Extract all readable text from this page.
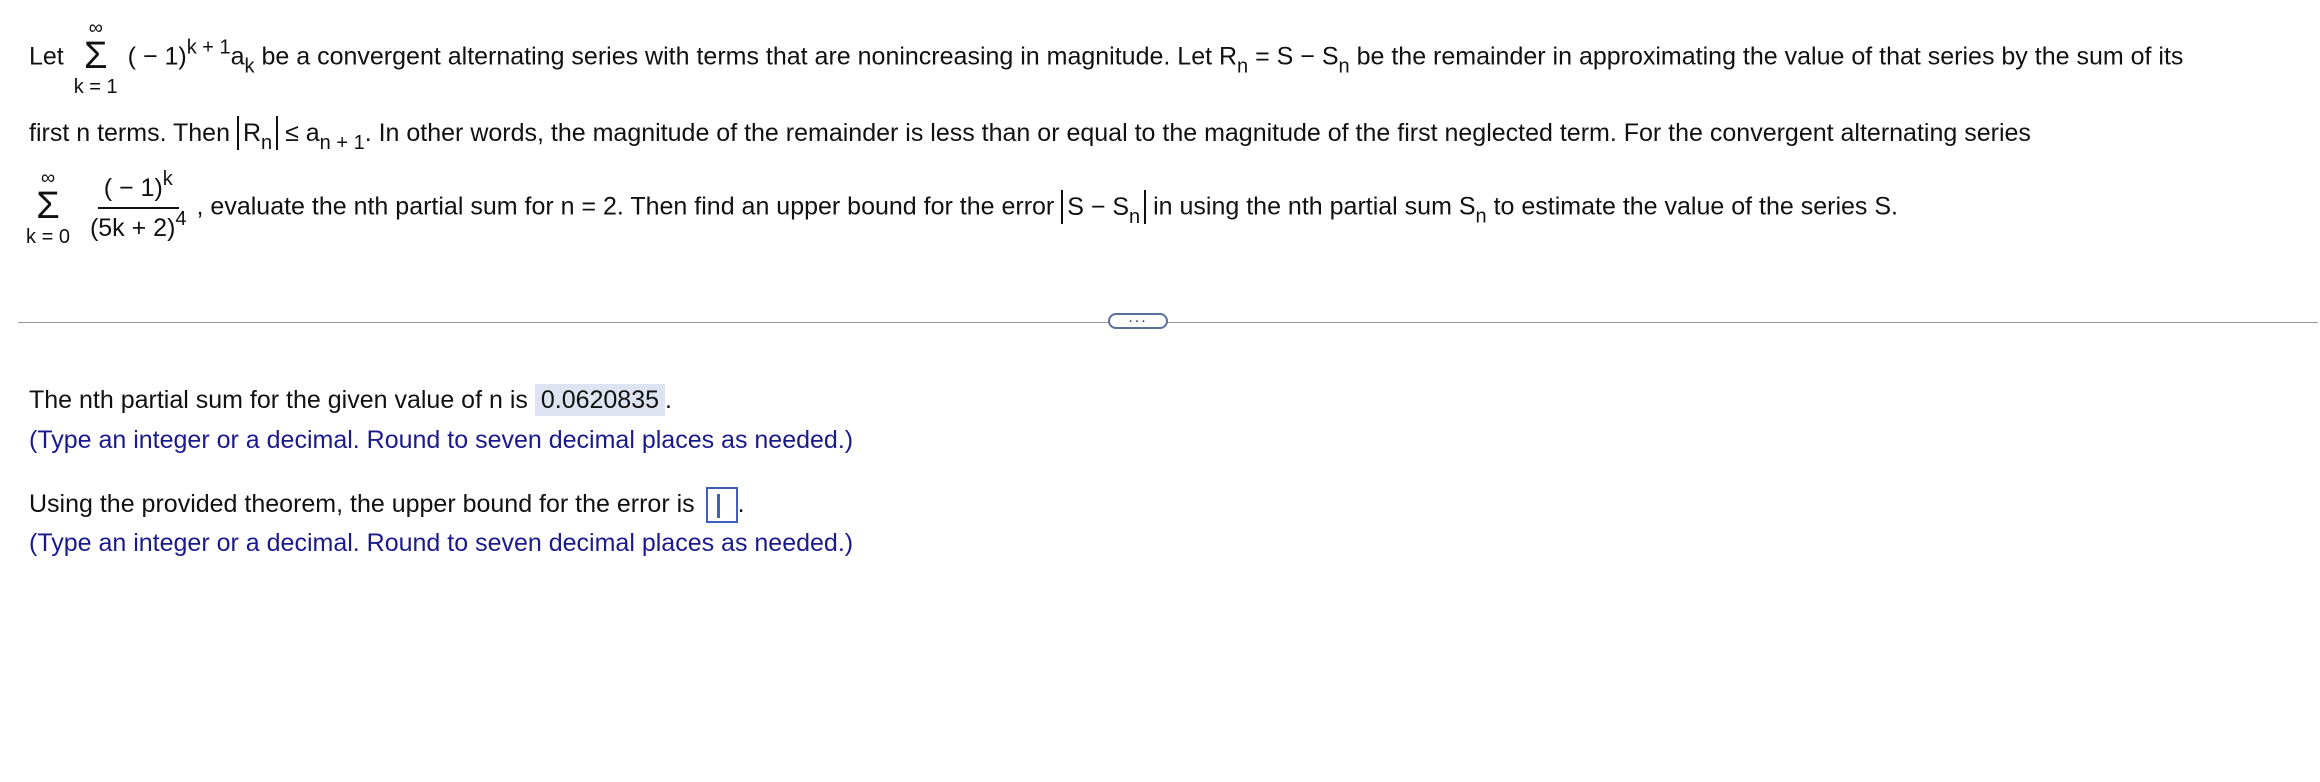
Let
∞
Σ
k = 1
( − $1)^{k + 1}a_k$ be a convergent alternating series with terms that are nonincreasing in magnitude. Let $R_n = S - S_n$ be the remainder in approximating the value of that series by the sum of its
first n terms. Then $R_n \le a_{n + 1}$. In other words, the magnitude of the remainder is less than or equal to the magnitude of the first neglected term. For the convergent alternating series
∞
Σ
k = 0
$\frac{( - 1)^k}{(5k + 2)^4}$ , evaluate the nth partial sum for n = 2. Then find an upper bound for the error $S - S_n$ in using the nth partial sum $S_n$ to estimate the value of the series S.
...
The nth partial sum for the given value of n is 0.0620835 .
(Type an integer or a decimal. Round to seven decimal places as needed.)
Using the provided theorem, the upper bound for the error is .
(Type an integer or a decimal. Round to seven decimal places as needed.)
